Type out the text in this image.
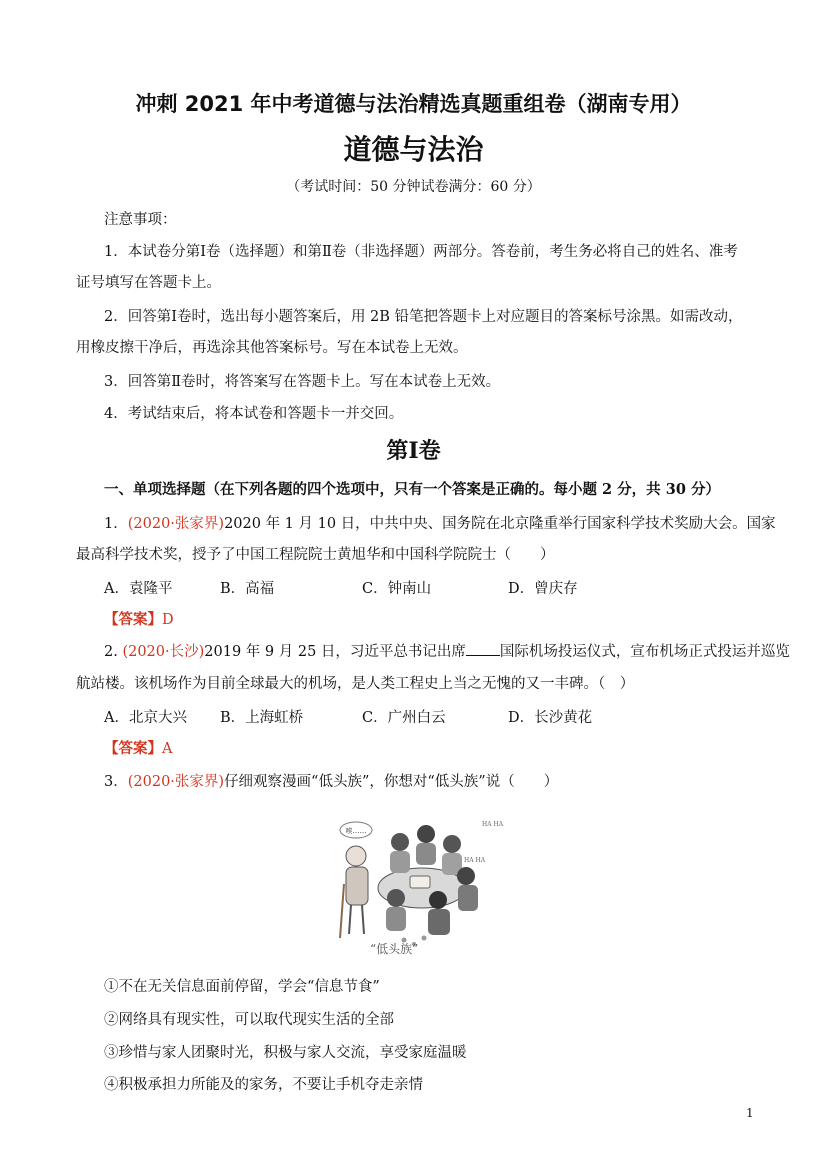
冲刺 2021 年中考道德与法治精选真题重组卷（湖南专用）
道德与法治
（考试时间：50 分钟试卷满分：60 分）
注意事项：
1．本试卷分第Ⅰ卷（选择题）和第Ⅱ卷（非选择题）两部分。答卷前，考生务必将自己的姓名、准考
证号填写在答题卡上。
2．回答第Ⅰ卷时，选出每小题答案后，用 2B 铅笔把答题卡上对应题目的答案标号涂黑。如需改动，
用橡皮擦干净后，再选涂其他答案标号。写在本试卷上无效。
3．回答第Ⅱ卷时，将答案写在答题卡上。写在本试卷上无效。
4．考试结束后，将本试卷和答题卡一并交回。
第Ⅰ卷
一、单项选择题（在下列各题的四个选项中，只有一个答案是正确的。每小题 2 分，共 30 分）
1．(2020·张家界)2020 年 1 月 10 日，中共中央、国务院在北京隆重举行国家科学技术奖励大会。国家
最高科学技术奖，授予了中国工程院院士黄旭华和中国科学院院士（　　）
A．袁隆平	B．高福	C．钟南山	D．曾庆存
【答案】D
2. (2020·长沙)2019 年 9 月 25 日，习近平总书记出席 国际机场投运仪式，宣布机场正式投运并巡览
航站楼。该机场作为目前全球最大的机场，是人类工程史上当之无愧的又一丰碑。（　）
A．北京大兴 B．上海虹桥	C．广州白云	D．长沙黄花
【答案】A
3．(2020·张家界)仔细观察漫画“低头族”，你想对“低头族”说（　　）
唉……
HA HA
HA HA
“低头族”
①不在无关信息面前停留，学会“信息节食”
②网络具有现实性，可以取代现实生活的全部
③珍惜与家人团聚时光，积极与家人交流，享受家庭温暖
④积极承担力所能及的家务，不要让手机夺走亲情
1
